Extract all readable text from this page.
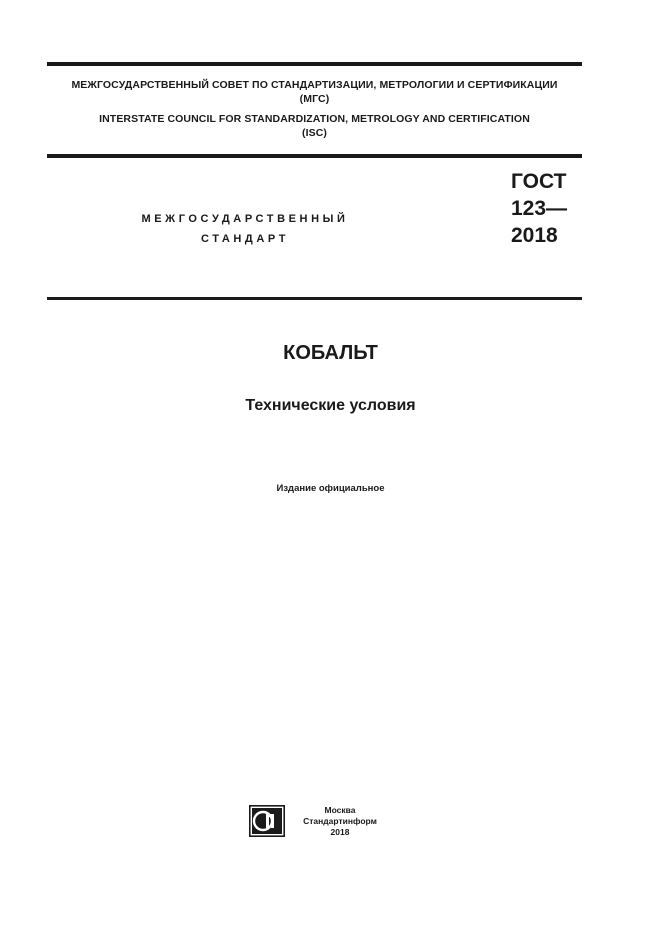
МЕЖГОСУДАРСТВЕННЫЙ СОВЕТ ПО СТАНДАРТИЗАЦИИ, МЕТРОЛОГИИ И СЕРТИФИКАЦИИ
(МГС)
INTERSTATE COUNCIL FOR STANDARDIZATION, METROLOGY AND CERTIFICATION
(ISC)
МЕЖГОСУДАРСТВЕННЫЙ
СТАНДАРТ
ГОСТ
123—
2018
КОБАЛЬТ
Технические условия
Издание официальное
Москва
Стандартинформ
2018
